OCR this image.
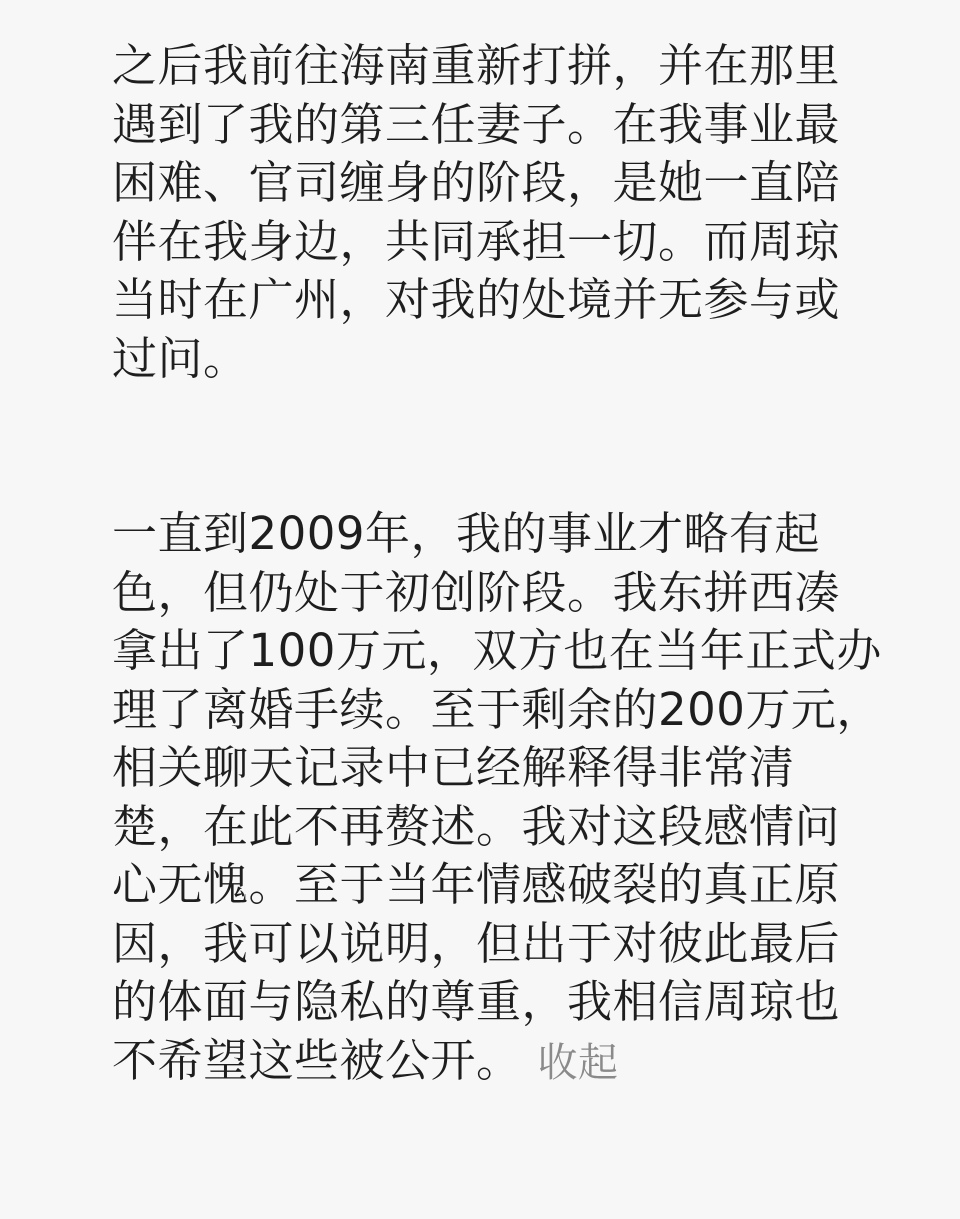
之后我前往海南重新打拼，并在那里
遇到了我的第三任妻子。在我事业最
困难、官司缠身的阶段，是她一直陪
伴在我身边，共同承担一切。而周琼
当时在广州，对我的处境并无参与或
过问。

一直到2009年，我的事业才略有起
色，但仍处于初创阶段。我东拼西凑
拿出了100万元，双方也在当年正式办
理了离婚手续。至于剩余的200万元，
相关聊天记录中已经解释得非常清
楚，在此不再赘述。我对这段感情问
心无愧。至于当年情感破裂的真正原
因，我可以说明，但出于对彼此最后
的体面与隐私的尊重，我相信周琼也
不希望这些被公开。 收起
